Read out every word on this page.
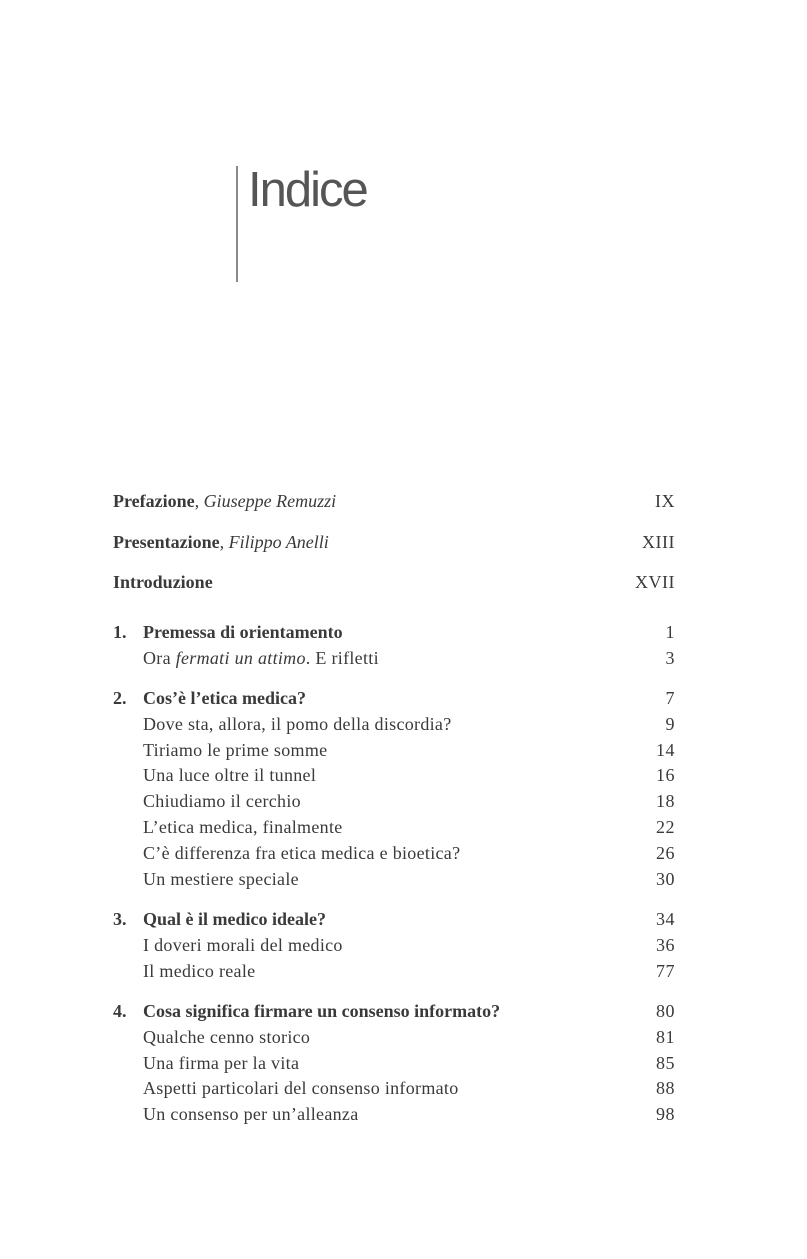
Indice
Prefazione, Giuseppe Remuzzi	IX
Presentazione, Filippo Anelli	XIII
Introduzione	XVII
1. Premessa di orientamento	1
Ora fermati un attimo. E rifletti	3
2. Cos’è l’etica medica?	7
Dove sta, allora, il pomo della discordia?	9
Tiriamo le prime somme	14
Una luce oltre il tunnel	16
Chiudiamo il cerchio	18
L’etica medica, finalmente	22
C’è differenza fra etica medica e bioetica?	26
Un mestiere speciale	30
3. Qual è il medico ideale?	34
I doveri morali del medico	36
Il medico reale	77
4. Cosa significa firmare un consenso informato?	80
Qualche cenno storico	81
Una firma per la vita	85
Aspetti particolari del consenso informato	88
Un consenso per un’alleanza	98
